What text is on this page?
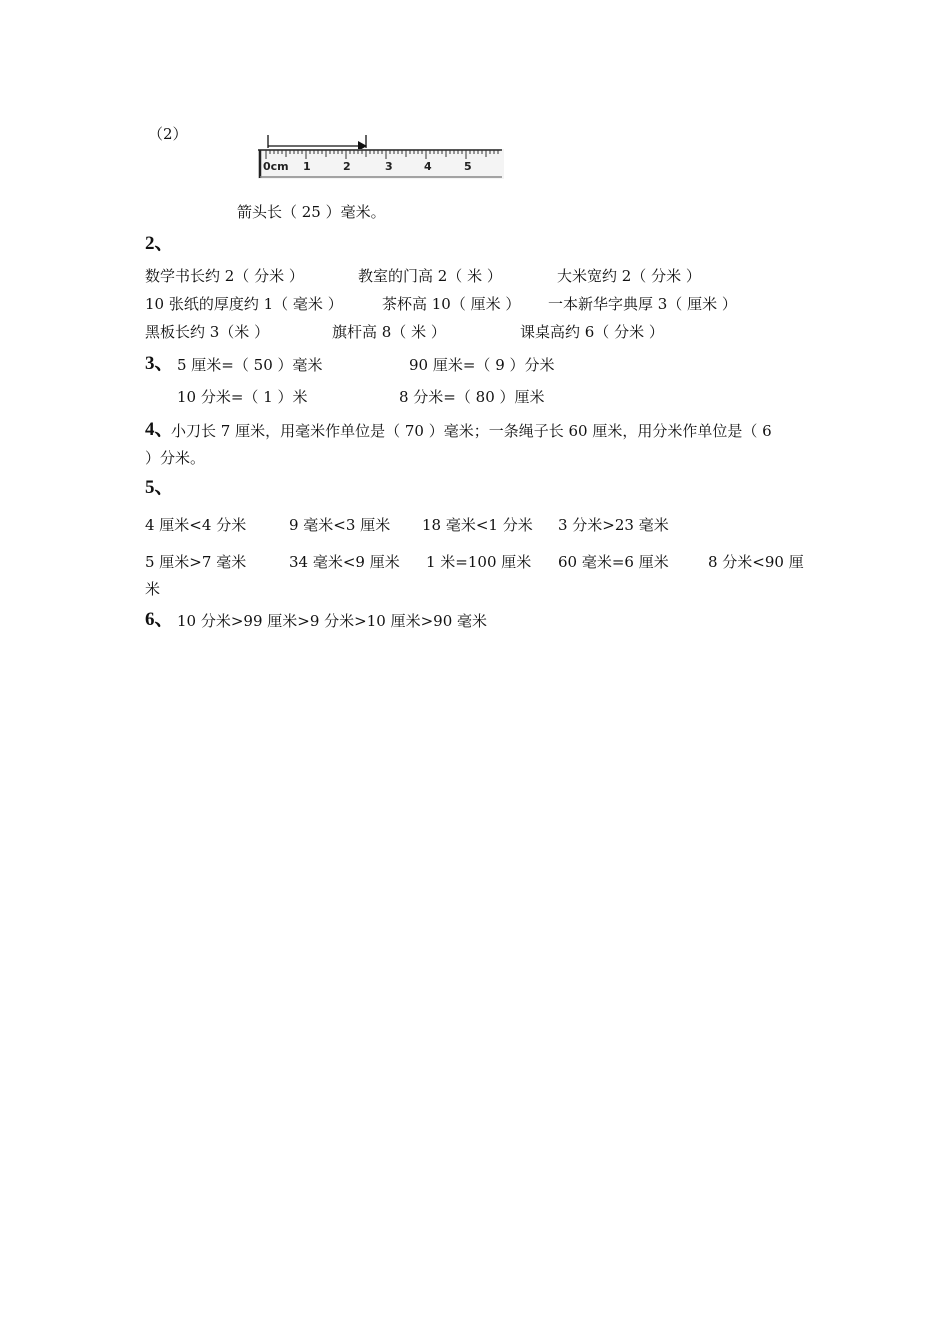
（2）
0cm 1	2	3	4	5
箭头长（ 25 ）毫米。
2、
数学书长约 2（ 分米 ）	教室的门高 2（ 米 ）	大米宽约 2（ 分米 ）
10 张纸的厚度约 1（ 毫米 ）	茶杯高 10（ 厘米 ） 一本新华字典厚 3（ 厘米 ）
黑板长约 3（米 ）	旗杆高 8（ 米 ）	课桌高约 6（ 分米 ）
3、 5 厘米=（ 50 ）毫米	90 厘米=（ 9 ）分米
10 分米=（ 1 ）米	8 分米=（ 80 ）厘米
4、
小刀长 7 厘米，用毫米作单位是（ 70 ）毫米；一条绳子长 60 厘米，用分米作单位是（ 6
）分米。
5、
4 厘米<4 分米	9 毫米<3 厘米 18 毫米<1 分米 3 分米>23 毫米
5 厘米>7 毫米	34 毫米<9 厘米 1 米=100 厘米 60 毫米=6 厘米	8 分米<90 厘
米
6、 10 分米>99 厘米>9 分米>10 厘米>90 毫米
